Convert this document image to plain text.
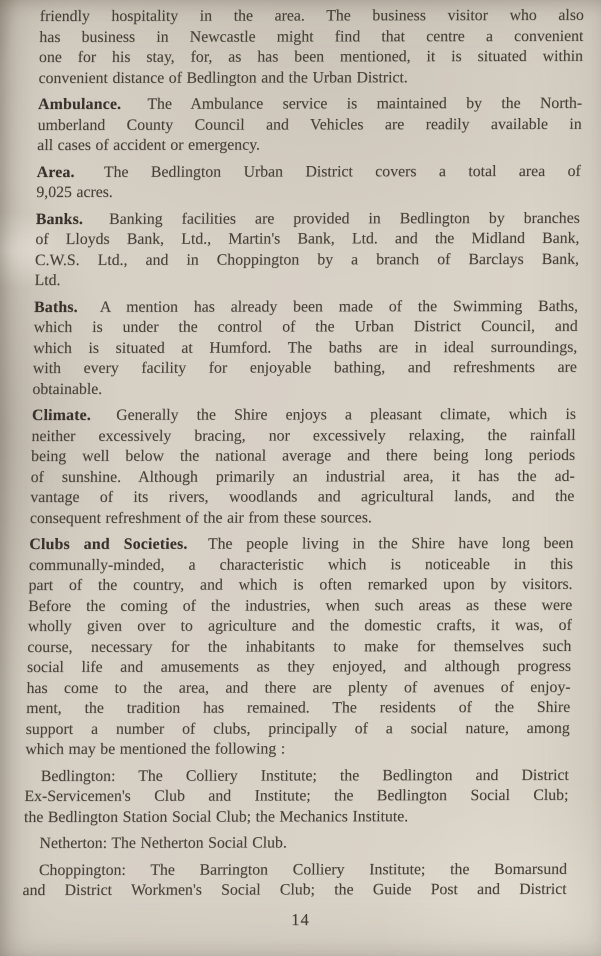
friendly hospitality in the area. The business visitor who also
has business in Newcastle might find that centre a convenient
one for his stay, for, as has been mentioned, it is situated within
convenient distance of Bedlington and the Urban District.
Ambulance. The Ambulance service is maintained by the North-
umberland County Council and Vehicles are readily available in
all cases of accident or emergency.
Area. The Bedlington Urban District covers a total area of
9,025 acres.
Banks. Banking facilities are provided in Bedlington by branches
of Lloyds Bank, Ltd., Martin's Bank, Ltd. and the Midland Bank,
C.W.S. Ltd., and in Choppington by a branch of Barclays Bank,
Ltd.
Baths. A mention has already been made of the Swimming Baths,
which is under the control of the Urban District Council, and
which is situated at Humford. The baths are in ideal surroundings,
with every facility for enjoyable bathing, and refreshments are
obtainable.
Climate. Generally the Shire enjoys a pleasant climate, which is
neither excessively bracing, nor excessively relaxing, the rainfall
being well below the national average and there being long periods
of sunshine. Although primarily an industrial area, it has the ad-
vantage of its rivers, woodlands and agricultural lands, and the
consequent refreshment of the air from these sources.
Clubs and Societies. The people living in the Shire have long been
communally-minded, a characteristic which is noticeable in this
part of the country, and which is often remarked upon by visitors.
Before the coming of the industries, when such areas as these were
wholly given over to agriculture and the domestic crafts, it was, of
course, necessary for the inhabitants to make for themselves such
social life and amusements as they enjoyed, and although progress
has come to the area, and there are plenty of avenues of enjoy-
ment, the tradition has remained. The residents of the Shire
support a number of clubs, principally of a social nature, among
which may be mentioned the following :
Bedlington: The Colliery Institute; the Bedlington and District
Ex-Servicemen's Club and Institute; the Bedlington Social Club;
the Bedlington Station Social Club; the Mechanics Institute.
Netherton: The Netherton Social Club.
Choppington: The Barrington Colliery Institute; the Bomarsund
and District Workmen's Social Club; the Guide Post and District
14
